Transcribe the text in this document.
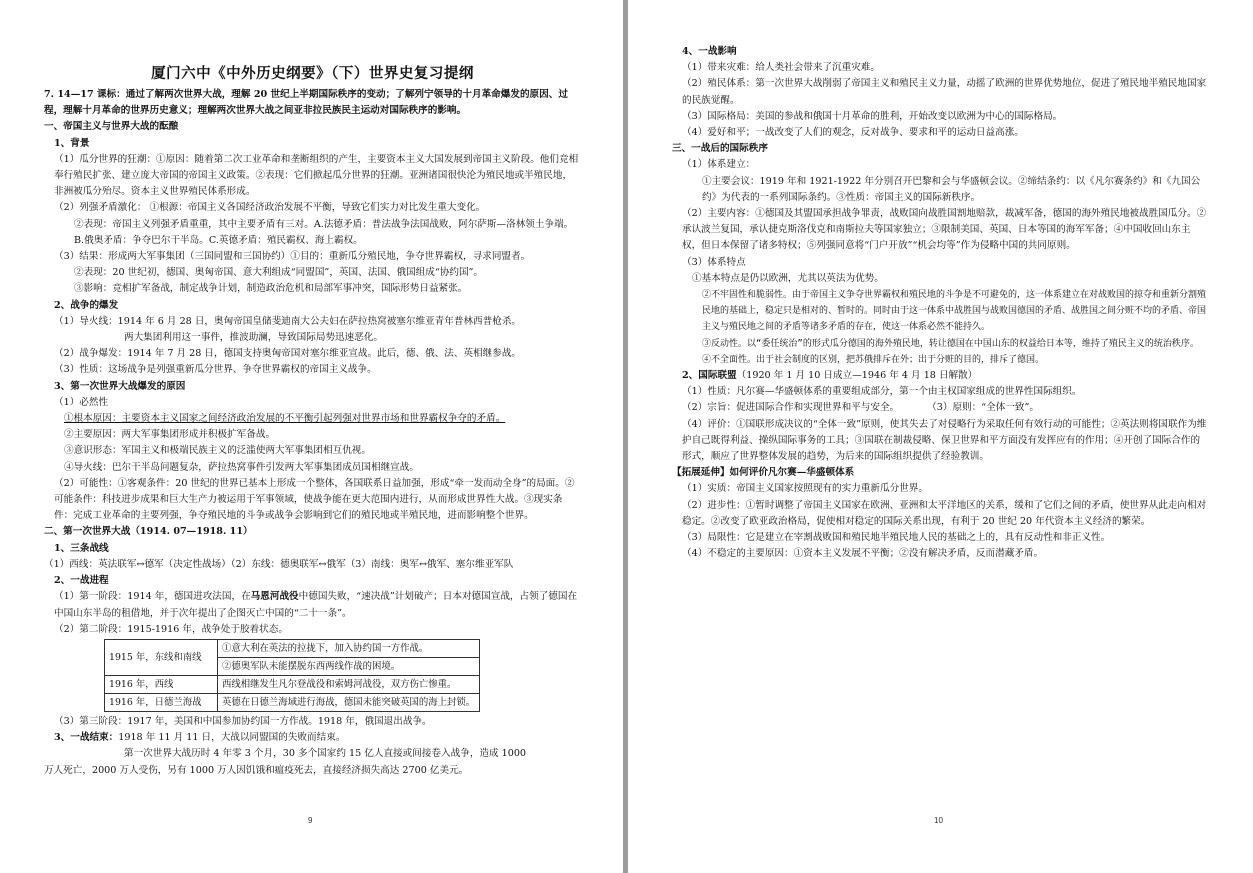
厦门六中《中外历史纲要》（下）世界史复习提纲

7. 14—17 课标：通过了解两次世界大战，理解 20 世纪上半期国际秩序的变动；了解列宁领导的十月革命爆发的原因、过程，理解十月革命的世界历史意义；理解两次世界大战之间亚非拉民族民主运动对国际秩序的影响。

一、帝国主义与世界大战的酝酿

1、背景

（1）瓜分世界的狂潮：①原因：随着第二次工业革命和垄断组织的产生，主要资本主义大国发展到帝国主义阶段。他们竞相奉行殖民扩张、建立庞大帝国的帝国主义政策。②表现：它们掀起瓜分世界的狂潮。亚洲诸国很快沦为殖民地或半殖民地，非洲被瓜分殆尽。资本主义世界殖民体系形成。

（2）列强矛盾激化： ①根源：帝国主义各国经济政治发展不平衡，导致它们实力对比发生重大变化。

②表现：帝国主义列强矛盾重重，其中主要矛盾有三对。A.法德矛盾：普法战争法国战败，阿尔萨斯—洛林领土争端。B.俄奥矛盾：争夺巴尔干半岛。C.英德矛盾：殖民霸权、海上霸权。

（3）结果：形成两大军事集团（三国同盟和三国协约）①目的：重新瓜分殖民地，争夺世界霸权，寻求同盟者。

②表现：20 世纪初，德国、奥匈帝国、意大利组成“同盟国”，英国、法国、俄国组成“协约国”。

③影响：竞相扩军备战，制定战争计划，制造政治危机和局部军事冲突，国际形势日益紧张。

2、战争的爆发

（1）导火线：1914 年 6 月 28 日，奥匈帝国皇储斐迪南大公夫妇在萨拉热窝被塞尔维亚青年普林西普枪杀。

两大集团利用这一事件，推波助澜，导致国际局势迅速恶化。

（2）战争爆发：1914 年 7 月 28 日，德国支持奥匈帝国对塞尔维亚宣战。此后，德、俄、法、英相继参战。

（3）性质：这场战争是列强重新瓜分世界、争夺世界霸权的帝国主义战争。

3、第一次世界大战爆发的原因

（1）必然性

①根本原因：主要资本主义国家之间经济政治发展的不平衡引起列强对世界市场和世界霸权争夺的矛盾。

②主要原因：两大军事集团形成并积极扩军备战。

③意识形态：军国主义和极端民族主义的泛滥使两大军事集团相互仇视。

④导火线：巴尔干半岛问题复杂，萨拉热窝事件引发两大军事集团成员国相继宣战。

（2）可能性：①客观条件：20 世纪的世界已基本上形成一个整体，各国联系日益加强，形成“牵一发而动全身”的局面。②可能条件：科技进步成果和巨大生产力被运用于军事领域，使战争能在更大范围内进行，从而形成世界性大战。③现实条件：完成工业革命的主要列强，争夺殖民地的斗争或战争会影响到它们的殖民地或半殖民地，进而影响整个世界。

二、第一次世界大战（1914. 07—1918. 11）

1、三条战线

（1）西线：英法联军↔德军（决定性战场）（2）东线：德奥联军↔俄军（3）南线：奥军↔俄军、塞尔维亚军队

2、一战进程

（1）第一阶段：1914 年，德国进攻法国，在马恩河战役中德国失败，“速决战”计划破产；日本对德国宣战，占领了德国在中国山东半岛的租借地，并于次年提出了企图灭亡中国的“二十一条”。

（2）第二阶段：1915-1916 年，战争处于胶着状态。

1915 年，东线和南线	①意大利在英法的拉拢下，加入协约国一方作战。
	②德奥军队未能摆脱东西两线作战的困境。
1916 年，西线	西线相继发生凡尔登战役和索姆河战役，双方伤亡惨重。
1916 年，日德兰海战	英德在日德兰海域进行海战，德国未能突破英国的海上封锁。

（3）第三阶段：1917 年，美国和中国参加协约国一方作战。1918 年，俄国退出战争。

3、一战结束：1918 年 11 月 11 日，大战以同盟国的失败而结束。

第一次世界大战历时 4 年零 3 个月，30 多个国家约 15 亿人直接或间接卷入战争，造成 1000

万人死亡，2000 万人受伤，另有 1000 万人因饥饿和瘟疫死去，直接经济损失高达 2700 亿美元。

9

4、一战影响

（1）带来灾难：给人类社会带来了沉重灾难。

（2）殖民体系：第一次世界大战削弱了帝国主义和殖民主义力量，动摇了欧洲的世界优势地位，促进了殖民地半殖民地国家的民族觉醒。

（3）国际格局：美国的参战和俄国十月革命的胜利，开始改变以欧洲为中心的国际格局。

（4）爱好和平；一战改变了人们的观念，反对战争、要求和平的运动日益高涨。

三、一战后的国际秩序

（1）体系建立：

①主要会议：1919 年和 1921-1922 年分别召开巴黎和会与华盛顿会议。②缔结条约：以《凡尔赛条约》和《九国公约》为代表的一系列国际条约。③性质：帝国主义的国际新秩序。

（2）主要内容：①德国及其盟国承担战争罪责，战败国向战胜国割地赔款，裁减军备，德国的海外殖民地被战胜国瓜分。②承认波兰复国，承认捷克斯洛伐克和南斯拉夫等国家独立；③限制美国、英国、日本等国的海军军备；④中国收回山东主权，但日本保留了诸多特权；⑤列强同意将“门户开放”“机会均等”作为侵略中国的共同原则。

（3）体系特点

①基本特点是仍以欧洲，尤其以英法为优势。

②不牢固性和脆弱性。由于帝国主义争夺世界霸权和殖民地的斗争是不可避免的，这一体系建立在对战败国的掠夺和重新分割殖民地的基础上，稳定只是相对的、暂时的。同时由于这一体系中战胜国与战败国德国的矛盾、战胜国之间分赃不均的矛盾、帝国主义与殖民地之间的矛盾等诸多矛盾的存在，使这一体系必然不能持久。

③反动性。以“委任统治”的形式瓜分德国的海外殖民地，转让德国在中国山东的权益给日本等，维持了殖民主义的统治秩序。

④不全面性。出于社会制度的区别，把苏俄排斥在外；出于分赃的目的，排斥了德国。

2、国际联盟（1920 年 1 月 10 日成立—1946 年 4 月 18 日解散）

（1）性质：凡尔赛—华盛顿体系的重要组成部分，第一个由主权国家组成的世界性国际组织。

（2）宗旨：促进国际合作和实现世界和平与安全。	（3）原则：“全体一致”。

（4）评价：①国联形成决议的“全体一致”原则，使其失去了对侵略行为采取任何有效行动的可能性；②英法则将国联作为维护自己既得利益、操纵国际事务的工具；③国联在制裁侵略、保卫世界和平方面没有发挥应有的作用；④开创了国际合作的形式，顺应了世界整体发展的趋势，为后来的国际组织提供了经验教训。

【拓展延伸】如何评价凡尔赛—华盛顿体系

（1）实质：帝国主义国家按照现有的实力重新瓜分世界。

（2）进步性：①暂时调整了帝国主义国家在欧洲、亚洲和太平洋地区的关系，缓和了它们之间的矛盾，使世界从此走向相对稳定。②改变了欧亚政治格局，促使相对稳定的国际关系出现，有利于 20 世纪 20 年代资本主义经济的繁荣。

（3）局限性：它是建立在宰割战败国和殖民地半殖民地人民的基础之上的，具有反动性和非正义性。

（4）不稳定的主要原因：①资本主义发展不平衡；②没有解决矛盾，反而潜藏矛盾。

10
